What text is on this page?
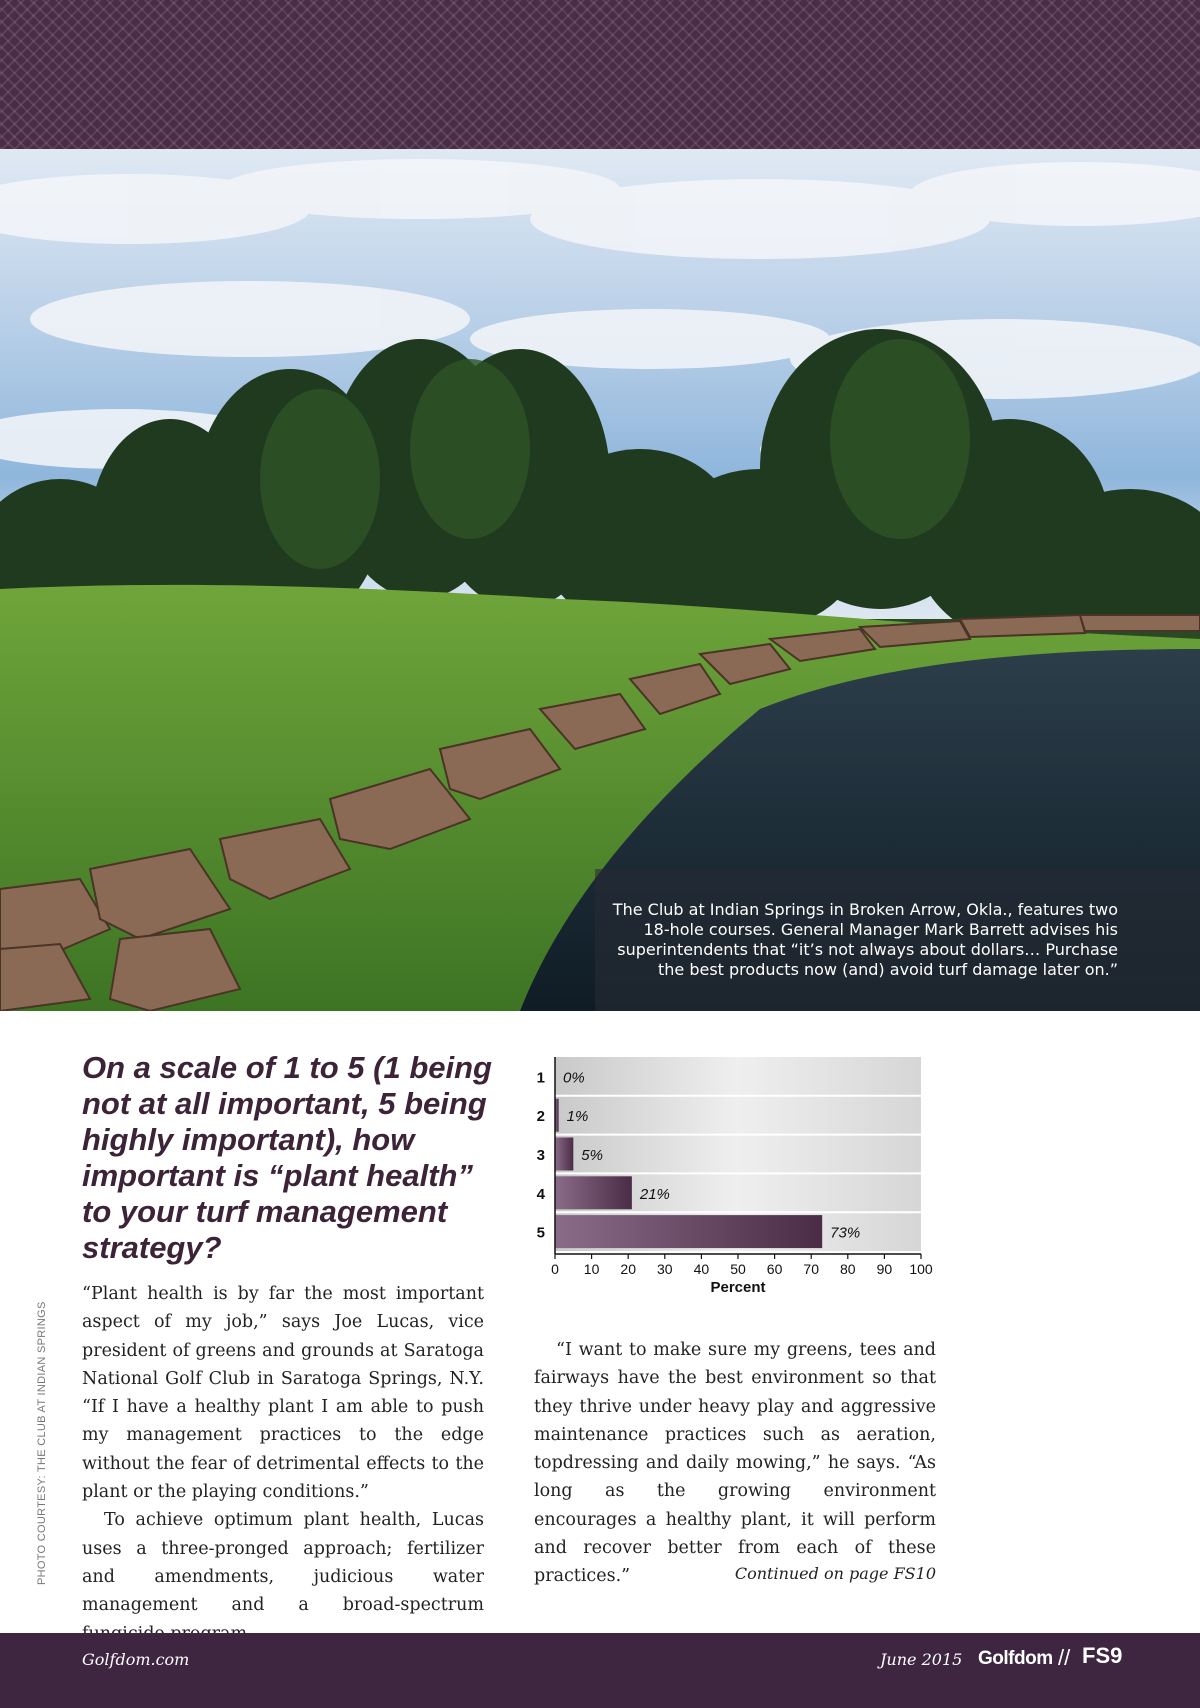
The Club at Indian Springs in Broken Arrow, Okla., features two 18-hole courses. General Manager Mark Barrett advises his superintendents that “it’s not always about dollars… Purchase the best products now (and) avoid turf damage later on.”
PHOTO COURTESY: THE CLUB AT INDIAN SPRINGS
On a scale of 1 to 5 (1 being not at all important, 5 being highly important), how important is “plant health” to your turf management strategy?
1 0%
2 1%
3 5%
4	21%
5	73%
0 10 20 30 40 50 60 70 80 90 100
Percent

“Plant health is by far the most important aspect of my job,” says Joe Lucas, vice president of greens and grounds at Saratoga National Golf Club in Saratoga Springs, N.Y. “If I have a healthy plant I am able to push my management practices to the edge without the fear of detrimental effects to the plant or the playing conditions.”

To achieve optimum plant health, Lucas uses a three-pronged approach; fertilizer and amendments, judicious water management and a broad-spectrum

“I want to make sure my greens, tees and fairways have the best environment so that they thrive under heavy play and aggressive maintenance practices such as aeration, topdressing and daily mowing,” he says. “As long as the growing environment encourages a healthy plant, it will perform and recover better from each of these practices.”	Continued on page FS10
Golfdom.com	June 2015 Golfdom // FS9
